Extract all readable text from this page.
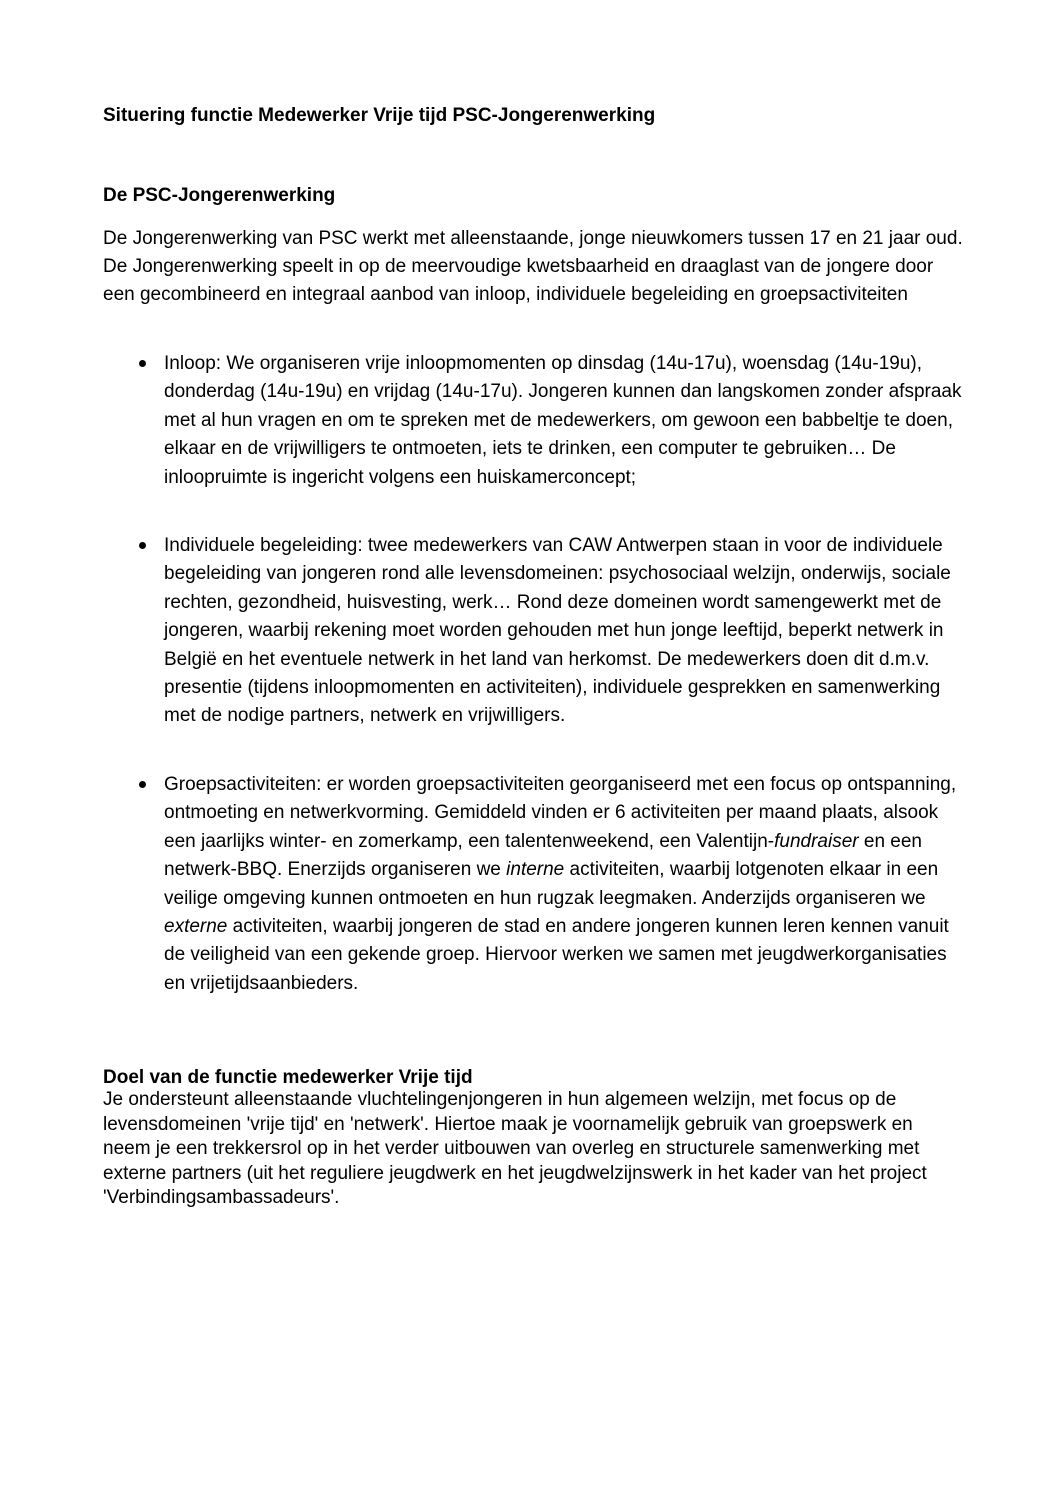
Situering functie Medewerker Vrije tijd PSC-Jongerenwerking
De PSC-Jongerenwerking

De Jongerenwerking van PSC werkt met alleenstaande, jonge nieuwkomers tussen 17 en 21 jaar oud. De Jongerenwerking speelt in op de meervoudige kwetsbaarheid en draaglast van de jongere door een gecombineerd en integraal aanbod van inloop, individuele begeleiding en groepsactiviteiten

Inloop: We organiseren vrije inloopmomenten op dinsdag (14u-17u), woensdag (14u-19u), donderdag (14u-19u) en vrijdag (14u-17u). Jongeren kunnen dan langskomen zonder afspraak met al hun vragen en om te spreken met de medewerkers, om gewoon een babbeltje te doen, elkaar en de vrijwilligers te ontmoeten, iets te drinken, een computer te gebruiken… De inloopruimte is ingericht volgens een huiskamerconcept;
Individuele begeleiding: twee medewerkers van CAW Antwerpen staan in voor de individuele begeleiding van jongeren rond alle levensdomeinen: psychosociaal welzijn, onderwijs, sociale rechten, gezondheid, huisvesting, werk… Rond deze domeinen wordt samengewerkt met de jongeren, waarbij rekening moet worden gehouden met hun jonge leeftijd, beperkt netwerk in België en het eventuele netwerk in het land van herkomst. De medewerkers doen dit d.m.v. presentie (tijdens inloopmomenten en activiteiten), individuele gesprekken en samenwerking met de nodige partners, netwerk en vrijwilligers.
Groepsactiviteiten: er worden groepsactiviteiten georganiseerd met een focus op ontspanning, ontmoeting en netwerkvorming. Gemiddeld vinden er 6 activiteiten per maand plaats, alsook een jaarlijks winter- en zomerkamp, een talentenweekend, een Valentijn-fundraiser en een netwerk-BBQ. Enerzijds organiseren we interne activiteiten, waarbij lotgenoten elkaar in een veilige omgeving kunnen ontmoeten en hun rugzak leegmaken. Anderzijds organiseren we externe activiteiten, waarbij jongeren de stad en andere jongeren kunnen leren kennen vanuit de veiligheid van een gekende groep. Hiervoor werken we samen met jeugdwerkorganisaties en vrijetijdsaanbieders.
Doel van de functie medewerker Vrije tijd

Je ondersteunt alleenstaande vluchtelingenjongeren in hun algemeen welzijn, met focus op de levensdomeinen 'vrije tijd' en 'netwerk'. Hiertoe maak je voornamelijk gebruik van groepswerk en neem je een trekkersrol op in het verder uitbouwen van overleg en structurele samenwerking met externe partners (uit het reguliere jeugdwerk en het jeugdwelzijnswerk in het kader van het project 'Verbindingsambassadeurs'.
